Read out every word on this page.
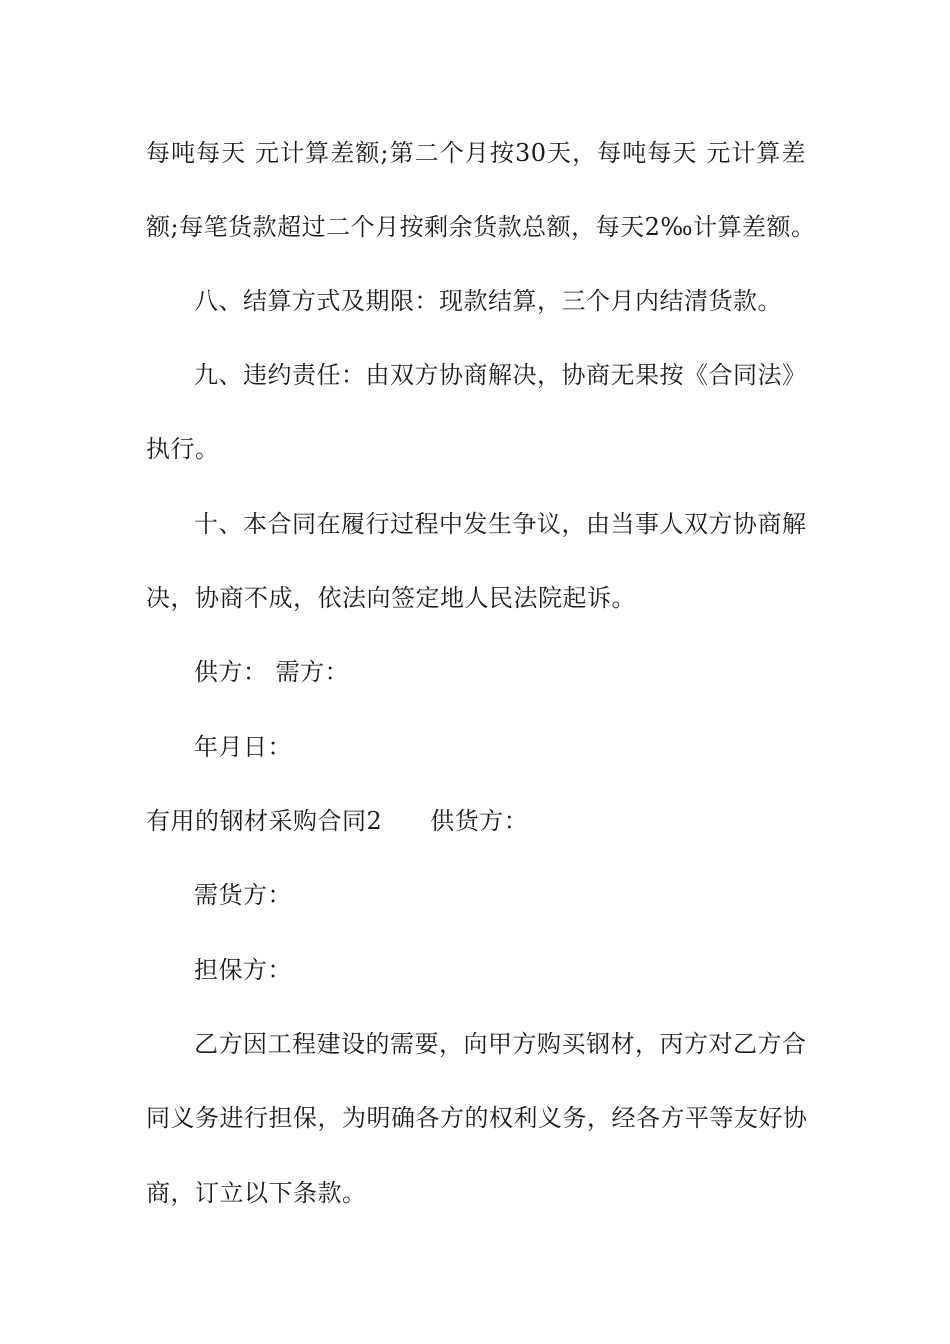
每吨每天 元计算差额;第二个月按30天，每吨每天 元计算差
额;每笔货款超过二个月按剩余货款总额，每天2‰计算差额。
八、结算方式及期限：现款结算，三个月内结清货款。
九、违约责任：由双方协商解决，协商无果按《合同法》
执行。
十、本合同在履行过程中发生争议，由当事人双方协商解
决，协商不成，依法向签定地人民法院起诉。
供方： 需方：
年月日：
有用的钢材采购合同2 供货方：
需货方：
担保方：
乙方因工程建设的需要，向甲方购买钢材，丙方对乙方合
同义务进行担保，为明确各方的权利义务，经各方平等友好协
商，订立以下条款。
